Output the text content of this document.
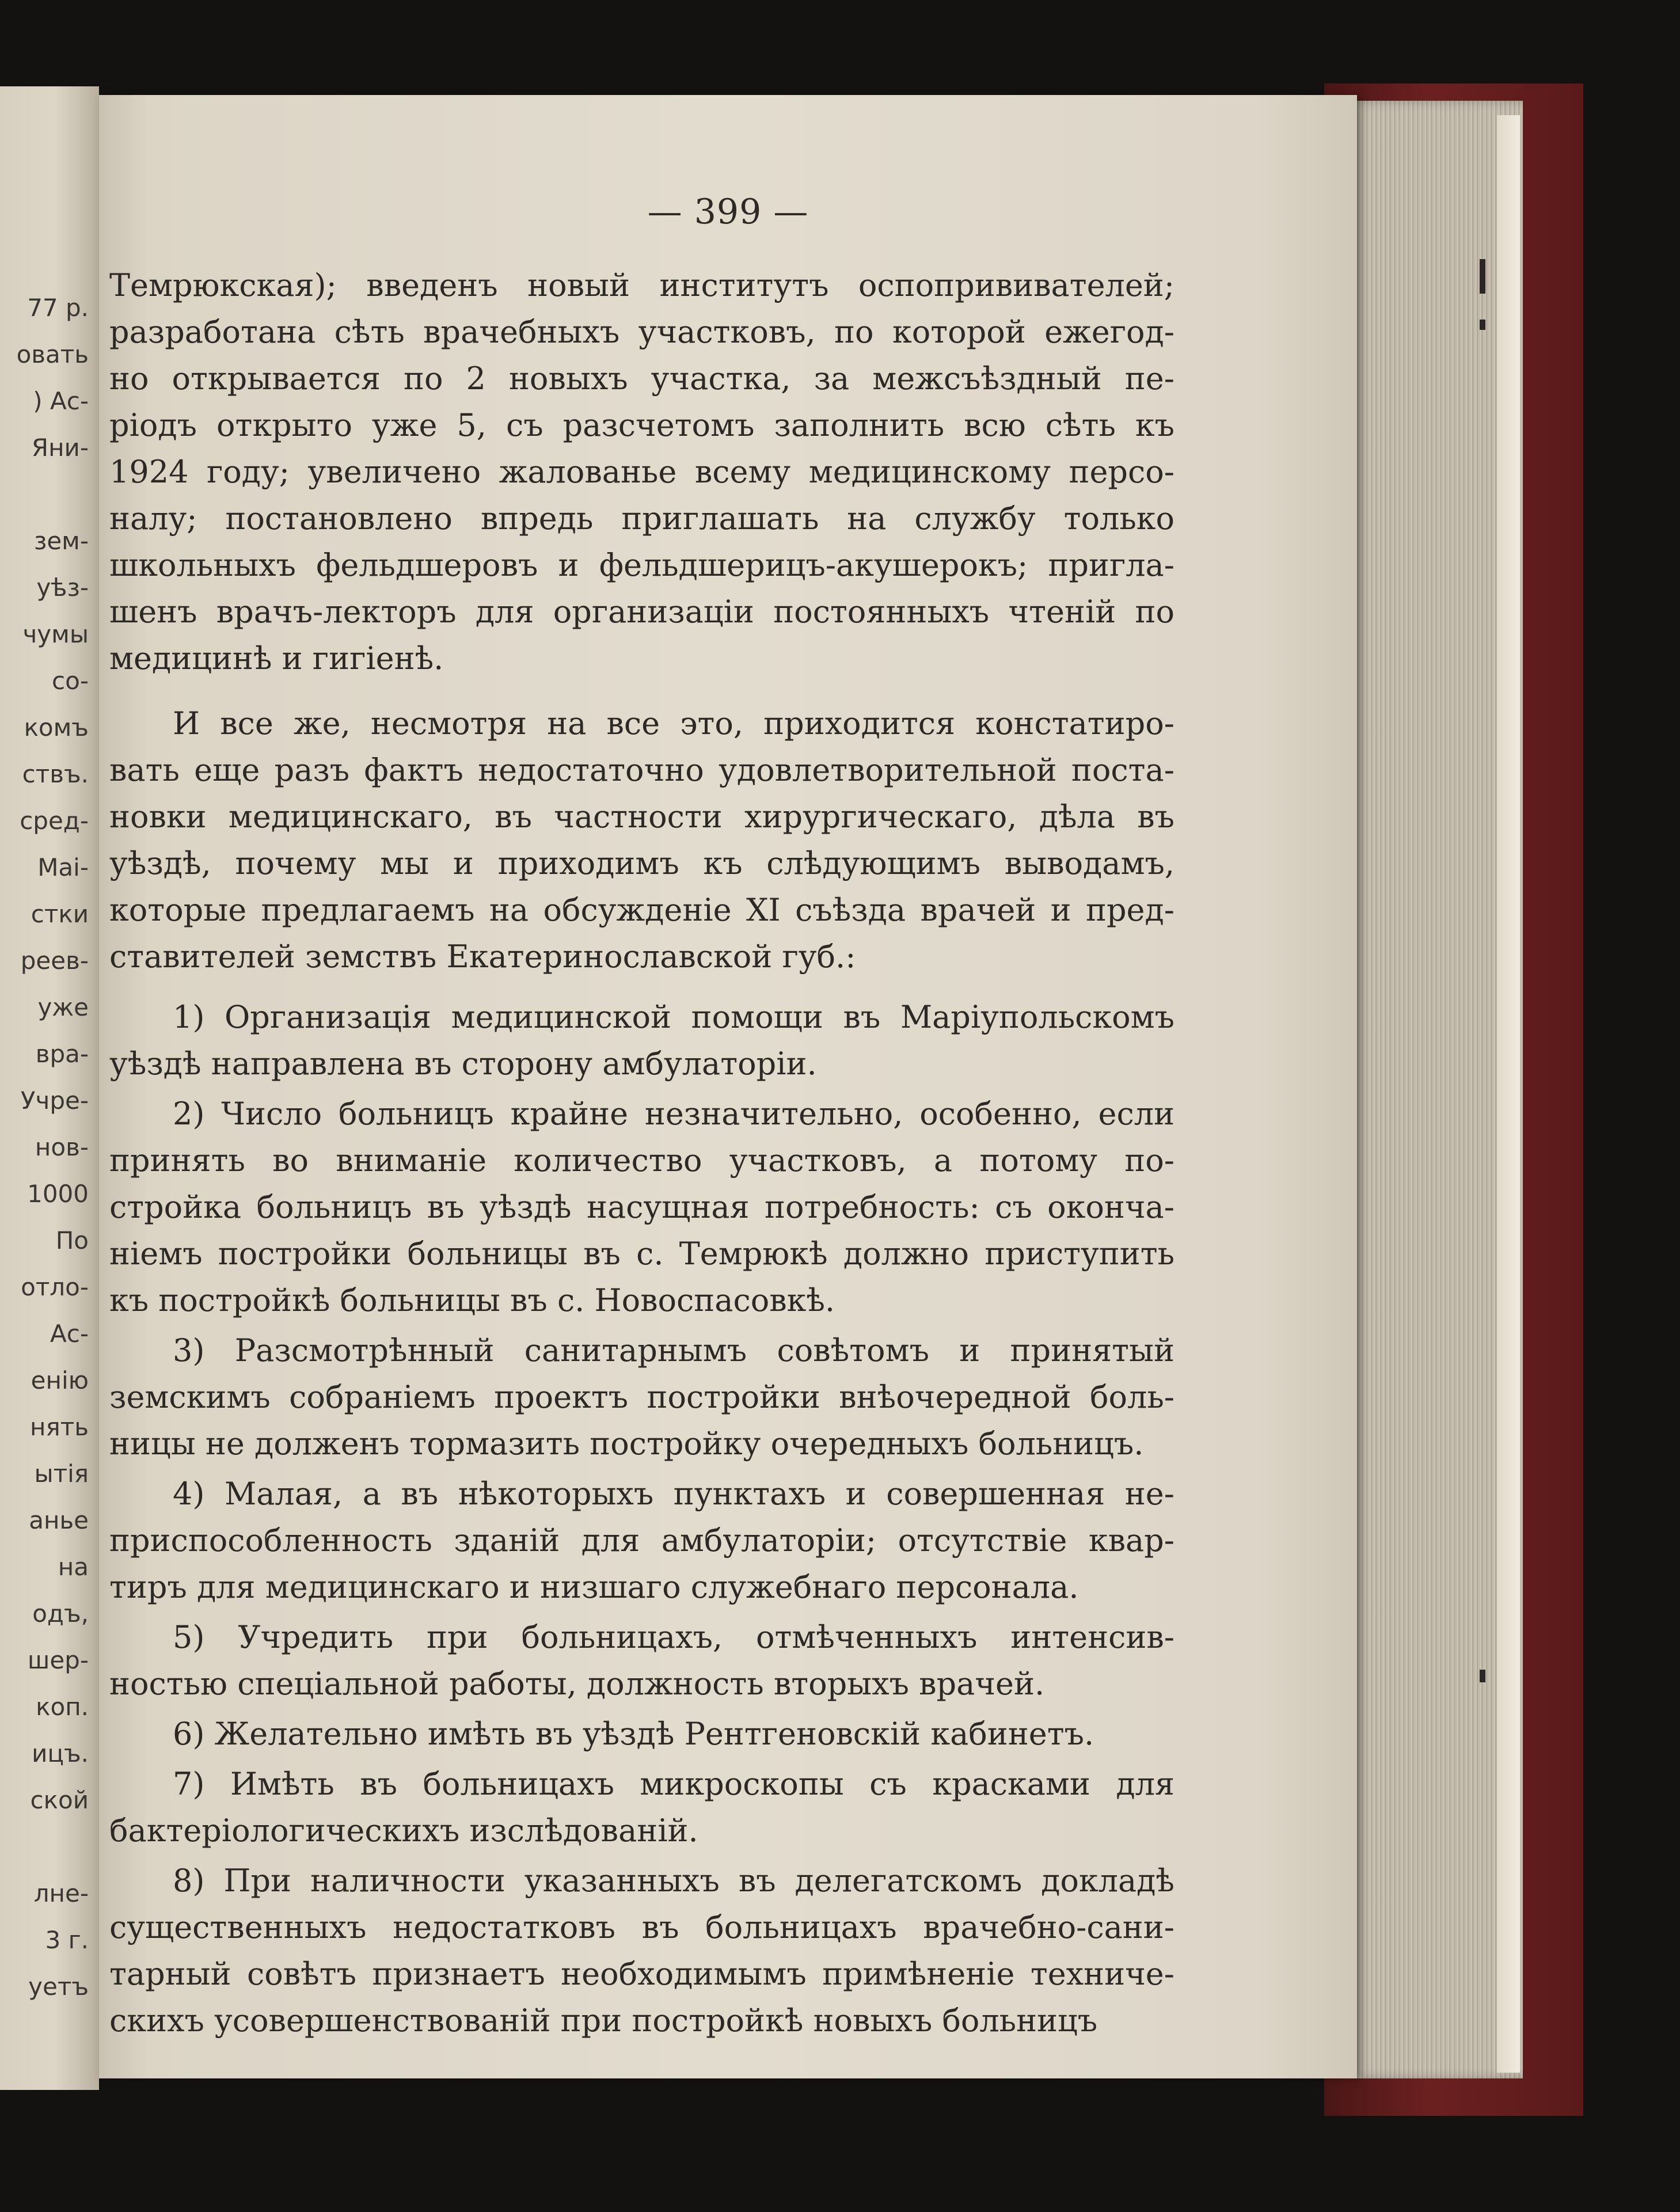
77 р.
овать
) Ас-
Яни-
зем-
уѣз-
чумы
со-
комъ
ствъ.
сред-
Маі-
стки
реев-
уже
вра-
Учре-
нов-
1000
По
отло-
Ас-
енію
нять
ытія
анье
на
одъ,
шер-
коп.
ицъ.
ской
лне-
3 г.
уетъ
— 399 —
Темрюкская); введенъ новый институтъ оспопрививателей;
разработана сѣть врачебныхъ участковъ, по которой ежегод-
но открывается по 2 новыхъ участка, за межсъѣздный пе-
ріодъ открыто уже 5, съ разсчетомъ заполнить всю сѣть къ
1924 году; увеличено жалованье всему медицинскому персо-
налу; постановлено впредь приглашать на службу только
школьныхъ фельдшеровъ и фельдшерицъ-акушерокъ; пригла-
шенъ врачъ-лекторъ для организаціи постоянныхъ чтеній по
медицинѣ и гигіенѣ.
И все же, несмотря на все это, приходится констатиро-
вать еще разъ фактъ недостаточно удовлетворительной поста-
новки медицинскаго, въ частности хирургическаго, дѣла въ
уѣздѣ, почему мы и приходимъ къ слѣдующимъ выводамъ,
которые предлагаемъ на обсужденіе XI съѣзда врачей и пред-
ставителей земствъ Екатеринославской губ.:
1) Организація медицинской помощи въ Маріупольскомъ
уѣздѣ направлена въ сторону амбулаторіи.
2) Число больницъ крайне незначительно, особенно, если
принять во вниманіе количество участковъ, а потому по-
стройка больницъ въ уѣздѣ насущная потребность: съ оконча-
ніемъ постройки больницы въ с. Темрюкѣ должно приступить
къ постройкѣ больницы въ с. Новоспасовкѣ.
3) Разсмотрѣнный санитарнымъ совѣтомъ и принятый
земскимъ собраніемъ проектъ постройки внѣочередной боль-
ницы не долженъ тормазить постройку очередныхъ больницъ.
4) Малая, а въ нѣкоторыхъ пунктахъ и совершенная не-
приспособленность зданій для амбулаторіи; отсутствіе квар-
тиръ для медицинскаго и низшаго служебнаго персонала.
5) Учредить при больницахъ, отмѣченныхъ интенсив-
ностью спеціальной работы, должность вторыхъ врачей.
6) Желательно имѣть въ уѣздѣ Рентгеновскій кабинетъ.
7) Имѣть въ больницахъ микроскопы съ красками для
бактеріологическихъ изслѣдованій.
8) При наличности указанныхъ въ делегатскомъ докладѣ
существенныхъ недостатковъ въ больницахъ врачебно-сани-
тарный совѣтъ признаетъ необходимымъ примѣненіе техниче-
скихъ усовершенствованій при постройкѣ новыхъ больницъ
